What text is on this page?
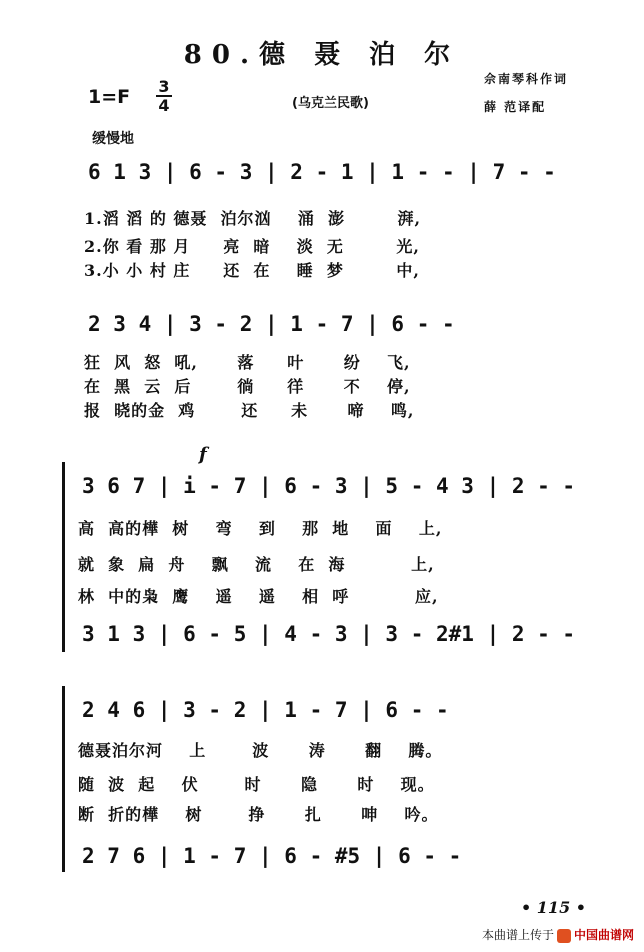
80.德 聂 泊 尔
$1=F \frac{3}{4}$	(乌克兰民歌)
佘南琴科作词
薛 范译配
缓慢地
6 1 3 | 6 - 3 | 2 - 1 | 1 - - | 7 - -
1.滔 滔 的 德聂  泊尔汹    涌  澎        湃,
2.你 看 那 月     亮  暗    淡  无        光,
3.小 小 村 庄     还  在    睡  梦        中,
2 3 4 | 3 - 2 | 1 - 7 | 6 - -
狂  风  怒  吼,      落     叶      纷    飞,
在  黑  云  后       徜     徉      不    停,
报  晓的金  鸡       还     未      啼    鸣,
f
3 6 7 | i - 7 | 6 - 3 | 5 - 4 3 | 2 - -
高  高的樺  树    弯    到    那  地    面    上,
就  象  扁  舟    飘    流    在  海          上,
林  中的枭  鹰    遥    遥    相  呼          应,
3 1 3 | 6 - 5 | 4 - 3 | 3 - 2#1 | 2 - -
2 4 6 | 3 - 2 | 1 - 7 | 6 - -
德聂泊尔河    上       波      涛      翻    腾。
随  波  起    伏       时      隐      时    现。
断  折的樺    树       挣      扎      呻    吟。
2 7 6 | 1 - 7 | 6 - #5 | 6 - -
• 115 •
本曲谱上传于 中国曲谱网
